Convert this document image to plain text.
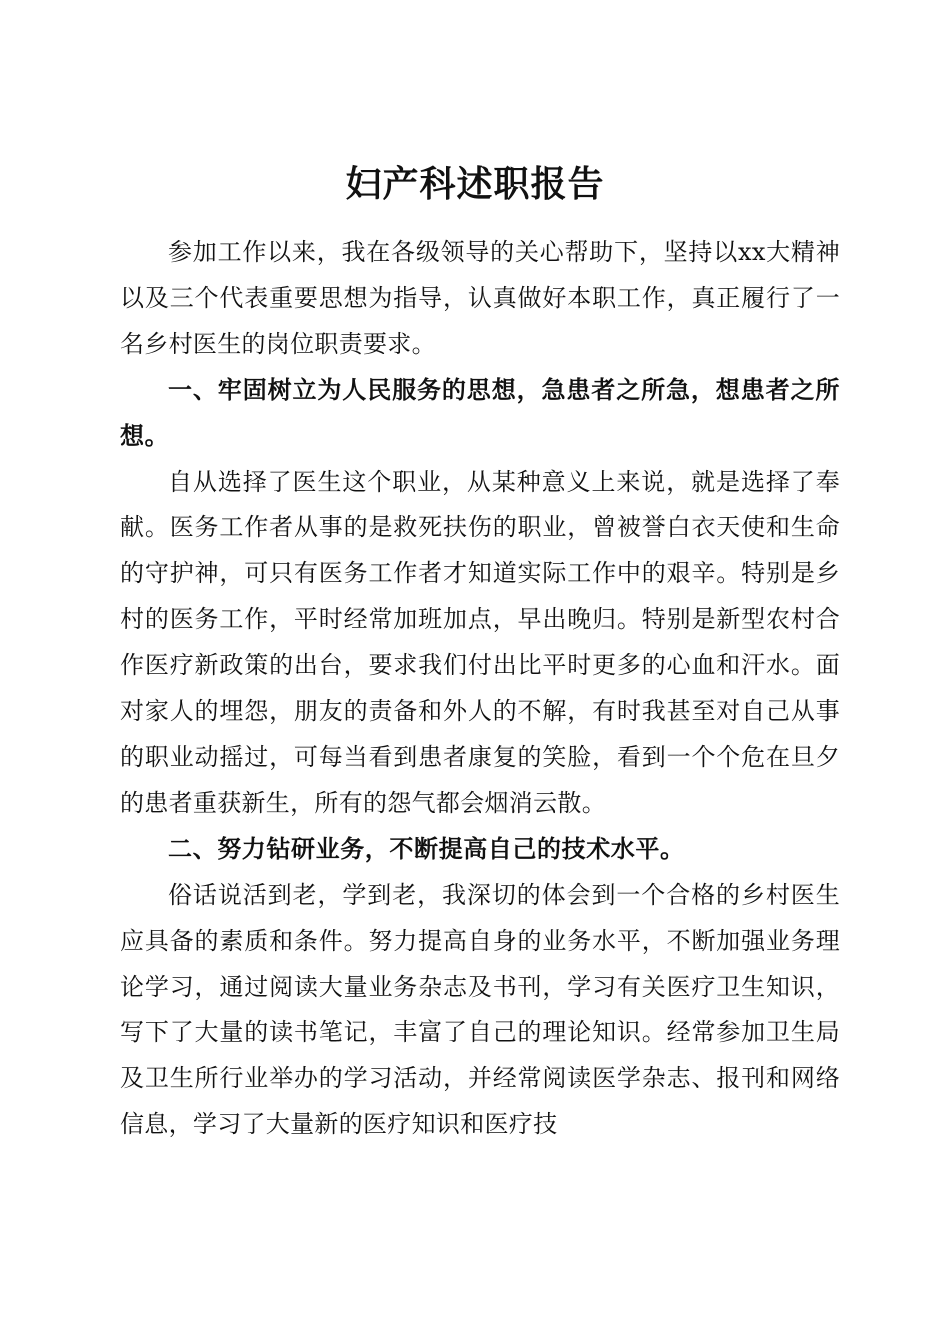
妇产科述职报告

参加工作以来，我在各级领导的关心帮助下，坚持以xx大精神以及三个代表重要思想为指导，认真做好本职工作，真正履行了一名乡村医生的岗位职责要求。

一、牢固树立为人民服务的思想，急患者之所急，想患者之所想。

自从选择了医生这个职业，从某种意义上来说，就是选择了奉献。医务工作者从事的是救死扶伤的职业，曾被誉白衣天使和生命的守护神，可只有医务工作者才知道实际工作中的艰辛。特别是乡村的医务工作，平时经常加班加点，早出晚归。特别是新型农村合作医疗新政策的出台，要求我们付出比平时更多的心血和汗水。面对家人的埋怨，朋友的责备和外人的不解，有时我甚至对自己从事的职业动摇过，可每当看到患者康复的笑脸，看到一个个危在旦夕的患者重获新生，所有的怨气都会烟消云散。

二、努力钻研业务，不断提高自己的技术水平。

俗话说活到老，学到老，我深切的体会到一个合格的乡村医生应具备的素质和条件。努力提高自身的业务水平，不断加强业务理论学习，通过阅读大量业务杂志及书刊，学习有关医疗卫生知识，写下了大量的读书笔记，丰富了自己的理论知识。经常参加卫生局及卫生所行业举办的学习活动，并经常阅读医学杂志、报刊和网络信息，学习了大量新的医疗知识和医疗技
